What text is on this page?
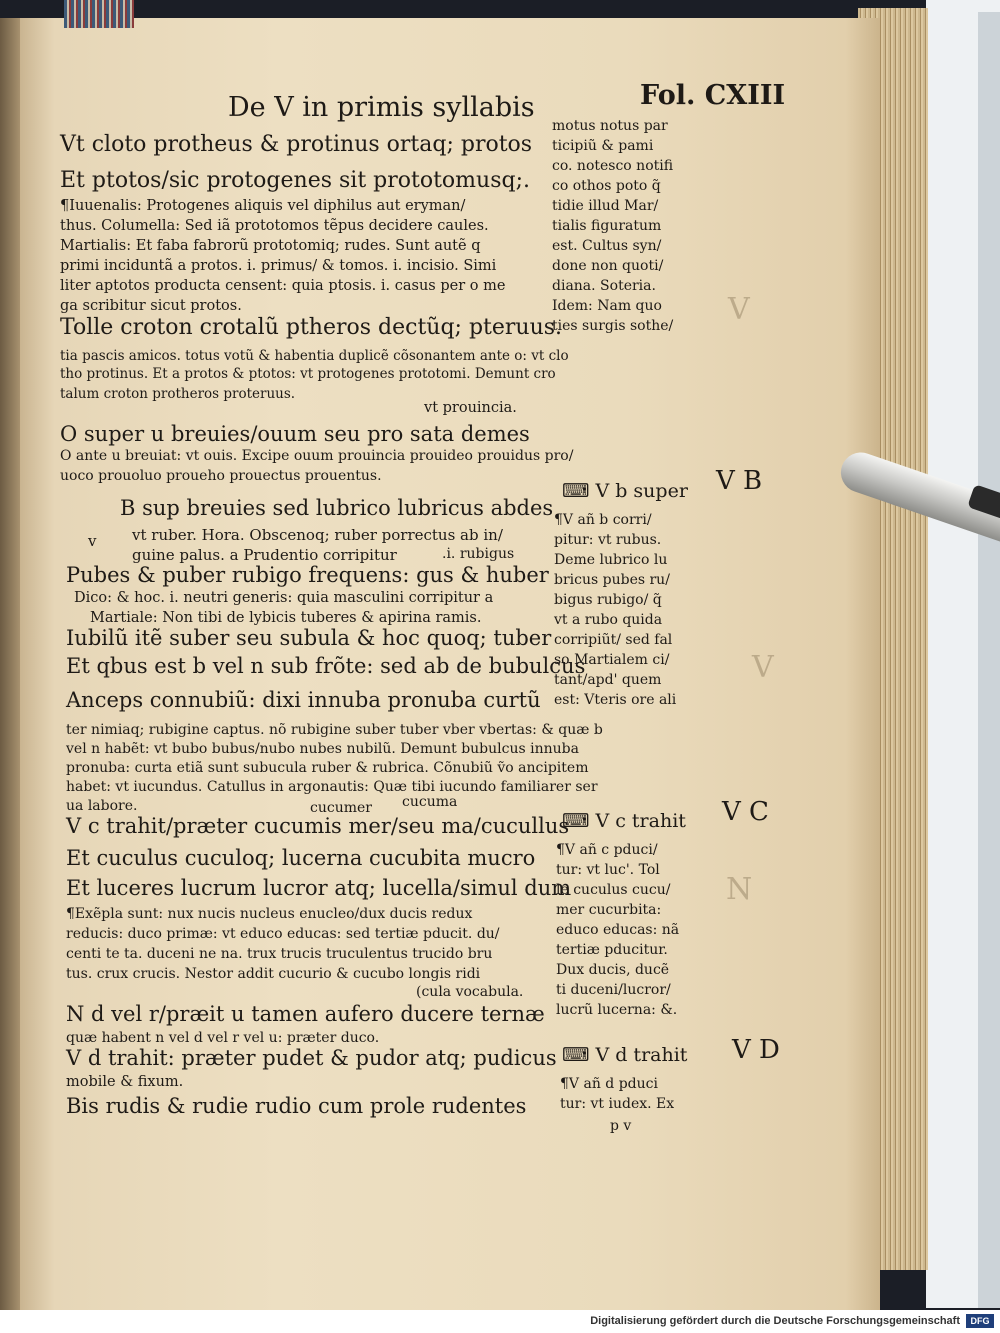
V
V
N
De V in primis syllabis	Fol. CXIII
V B
V C
V D
Vt cloto protheus & protinus ortaq; protos
Et ptotos/sic protogenes sit prototomusq;.
¶Iuuenalis: Protogenes aliquis vel diphilus aut eryman/
thus. Columella: Sed iã prototomos tẽpus decidere caules.
Martialis: Et faba fabrorũ prototomiq; rudes. Sunt autẽ q
primi inciduntã a protos. i. primus/ & tomos. i. incisio. Simi
liter aptotos producta censent: quia ptosis. i. casus per o me
ga scribitur sicut protos.
Tolle croton crotalũ ptheros dectũq; pteruus.
tia pascis amicos. totus votũ & habentia duplicẽ cõsonantem ante o: vt clo
tho protinus. Et a protos & ptotos: vt protogenes prototomi. Demunt cro
talum croton protheros proteruus.
vt prouincia.
O super u breuies/ouum seu pro sata demes
O ante u breuiat: vt ouis. Excipe ouum prouincia prouideo prouidus pro/
uoco prouoluo proueho prouectus prouentus.
B sup breuies sed lubrico lubricus abdes
v vt ruber. Hora. Obscenoq; ruber porrectus ab in/
guine palus. a Prudentio corripitur	.i. rubigus
Pubes & puber rubigo frequens: gus & huber
Dico: & hoc. i. neutri generis: quia masculini corripitur a
Martiale: Non tibi de lybicis tuberes & apirina ramis.
Iubilũ itẽ suber seu subula & hoc quoq; tuber
Et qbus est b vel n sub frõte: sed ab de bubulcus
Anceps connubiũ: dixi innuba pronuba curtũ
ter nimiaq; rubigine captus. nõ rubigine suber tuber vber vbertas: & quæ b
vel n habẽt: vt bubo bubus/nubo nubes nubilũ. Demunt bubulcus innuba
pronuba: curta etiã sunt subucula ruber & rubrica. Cõnubiũ ṽo ancipitem
habet: vt iucundus. Catullus in argonautis: Quæ tibi iucundo familiarer ser
ua labore.	cucumer cucuma
V c trahit/præter cucumis mer/seu ma/cucullus
Et cuculus cuculoq; lucerna cucubita mucro
Et luceres lucrum lucror atq; lucella/simul dum
¶Exẽpla sunt: nux nucis nucleus enucleo/dux ducis redux
reducis: duco primæ: vt educo educas: sed tertiæ pducit. du/
centi te ta. duceni ne na. trux trucis truculentus trucido bru
tus. crux crucis. Nestor addit cucurio & cucubo longis ridi
(cula vocabula.
N d vel r/præit u tamen aufero ducere ternæ
quæ habent n vel d vel r vel u: præter duco.
V d trahit: præter pudet & pudor atq; pudicus
mobile & fixum.
Bis rudis & rudie rudio cum prole rudentes
motus notus par
ticipiũ & pami
co. notesco notifi
co othos poto q̃
tidie illud Mar/
tialis figuratum
est. Cultus syn/
done non quoti/
diana. Soteria.
Idem: Nam quo
ties surgis sothe/
⌨ V b super
¶V añ b corri/
pitur: vt rubus.
Deme lubrico lu
bricus pubes ru/
bigus rubigo/ q̃
vt a rubo quida
corripiũt/ sed fal
so Martialem ci/
tant/apd' quem
est: Vteris ore ali
⌨ V c trahit
¶V añ c pduci/
tur: vt luc'. Tol
le cuculus cucu/
mer cucurbita:
educo educas: nã
tertiæ pducitur.
Dux ducis, ducẽ
ti duceni/lucror/
lucrũ lucerna: &.
⌨ V d trahit
¶V añ d pduci
tur: vt iudex. Ex
p v
Digitalisierung gefördert durch die Deutsche Forschungsgemeinschaft	DFG
